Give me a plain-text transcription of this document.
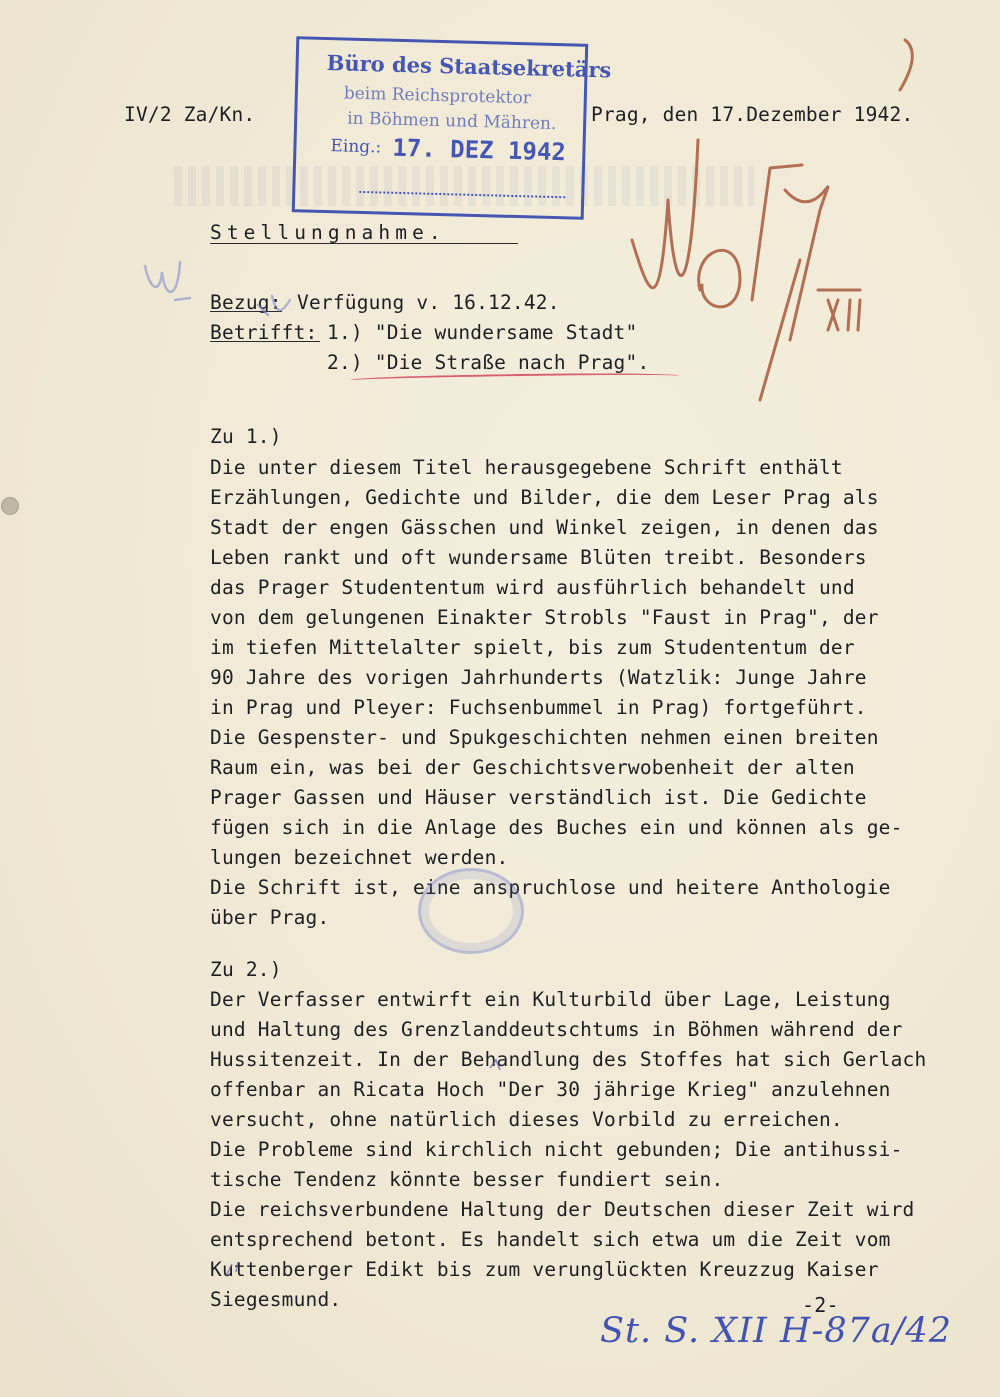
IV/2 Za/Kn.	Prag, den 17.Dezember 1942.
Büro des Staatsekretärs
beim Reichsprotektor
in Böhmen und Mähren.
Eing.: 17. DEZ 1942
Stellungnahme.
Bezug: Verfügung v. 16.12.42.
Betrifft: 1.) "Die wundersame Stadt"
2.) "Die Straße nach Prag".
Zu 1.)
Die unter diesem Titel herausgegebene Schrift enthält
Erzählungen, Gedichte und Bilder, die dem Leser Prag als
Stadt der engen Gässchen und Winkel zeigen, in denen das
Leben rankt und oft wundersame Blüten treibt. Besonders
das Prager Studententum wird ausführlich behandelt und
von dem gelungenen Einakter Strobls "Faust in Prag", der
im tiefen Mittelalter spielt, bis zum Studententum der
90 Jahre des vorigen Jahrhunderts (Watzlik: Junge Jahre
in Prag und Pleyer: Fuchsenbummel in Prag) fortgeführt.
Die Gespenster- und Spukgeschichten nehmen einen breiten
Raum ein, was bei der Geschichtsverwobenheit der alten
Prager Gassen und Häuser verständlich ist. Die Gedichte
fügen sich in die Anlage des Buches ein und können als ge-
lungen bezeichnet werden.
Die Schrift ist, eine anspruchlose und heitere Anthologie
über Prag.
Zu 2.)
Der Verfasser entwirft ein Kulturbild über Lage, Leistung
und Haltung des Grenzlanddeutschtums in Böhmen während der
Hussitenzeit. In der Behandlung des Stoffes hat sich Gerlach
offenbar an Ricata Hoch "Der 30 jährige Krieg" anzulehnen
versucht, ohne natürlich dieses Vorbild zu erreichen.
Die Probleme sind kirchlich nicht gebunden; Die antihussi-
tische Tendenz könnte besser fundiert sein.
Die reichsverbundene Haltung der Deutschen dieser Zeit wird
entsprechend betont. Es handelt sich etwa um die Zeit vom
Kuttenberger Edikt bis zum verunglückten Kreuzzug Kaiser
Siegesmund.	-2-
St. S. XII H-87a/42
